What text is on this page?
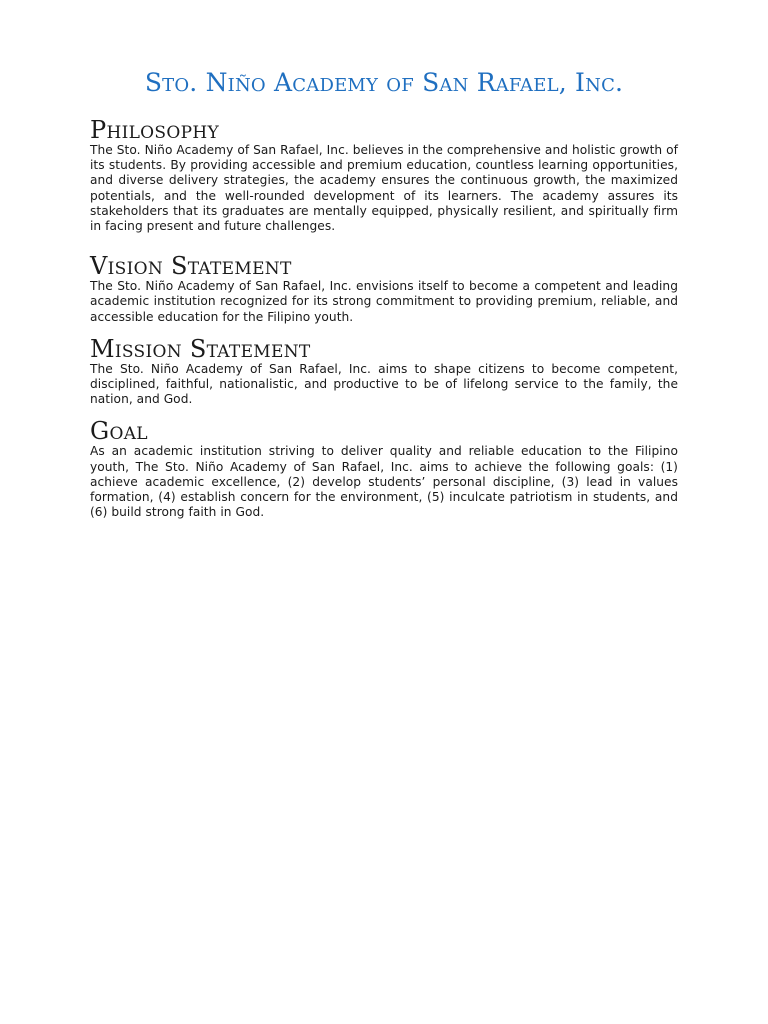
Sto. Niño Academy of San Rafael, Inc.
Philosophy

The Sto. Niño Academy of San Rafael, Inc. believes in the comprehensive and holistic growth of its students. By providing accessible and premium education, countless learning opportunities, and diverse delivery strategies, the academy ensures the continuous growth, the maximized potentials, and the well-rounded development of its learners. The academy assures its stakeholders that its graduates are mentally equipped, physically resilient, and spiritually firm in facing present and future challenges.

Vision Statement

The Sto. Niño Academy of San Rafael, Inc. envisions itself to become a competent and leading academic institution recognized for its strong commitment to providing premium, reliable, and accessible education for the Filipino youth.

Mission Statement

The Sto. Niño Academy of San Rafael, Inc. aims to shape citizens to become competent, disciplined, faithful, nationalistic, and productive to be of lifelong service to the family, the nation, and God.

Goal

As an academic institution striving to deliver quality and reliable education to the Filipino youth, The Sto. Niño Academy of San Rafael, Inc. aims to achieve the following goals: (1) achieve academic excellence, (2) develop students’ personal discipline, (3) lead in values formation, (4) establish concern for the environment, (5) inculcate patriotism in students, and (6) build strong faith in God.
